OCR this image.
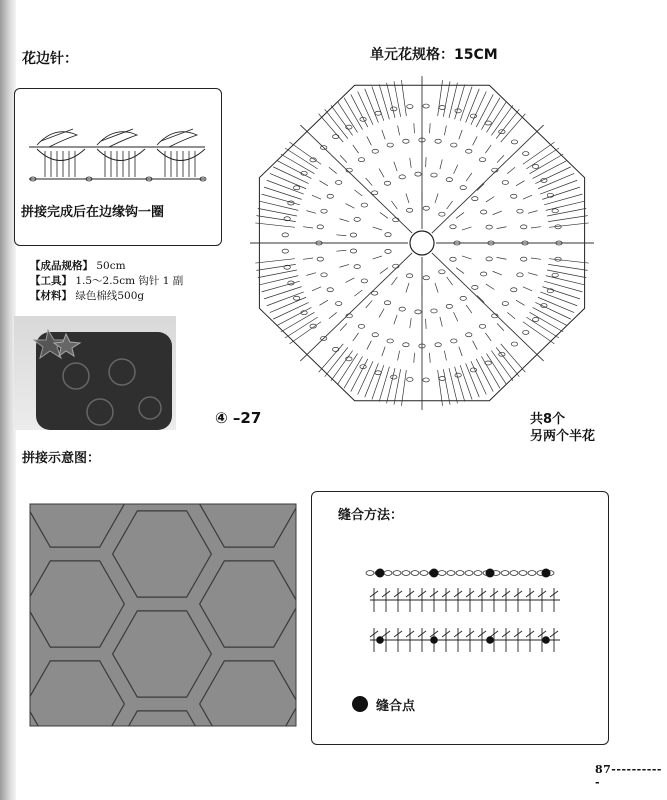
花边针：
拼接完成后在边缘钩一圈
【成品规格】 50cm
【工具】 1.5～2.5cm 钩针 1 副
【材料】 绿色棉线500g
单元花规格：15CM
④ –27	共8个
另两个半花
拼接示意图：
缝合方法：
缝合点
87-----------
